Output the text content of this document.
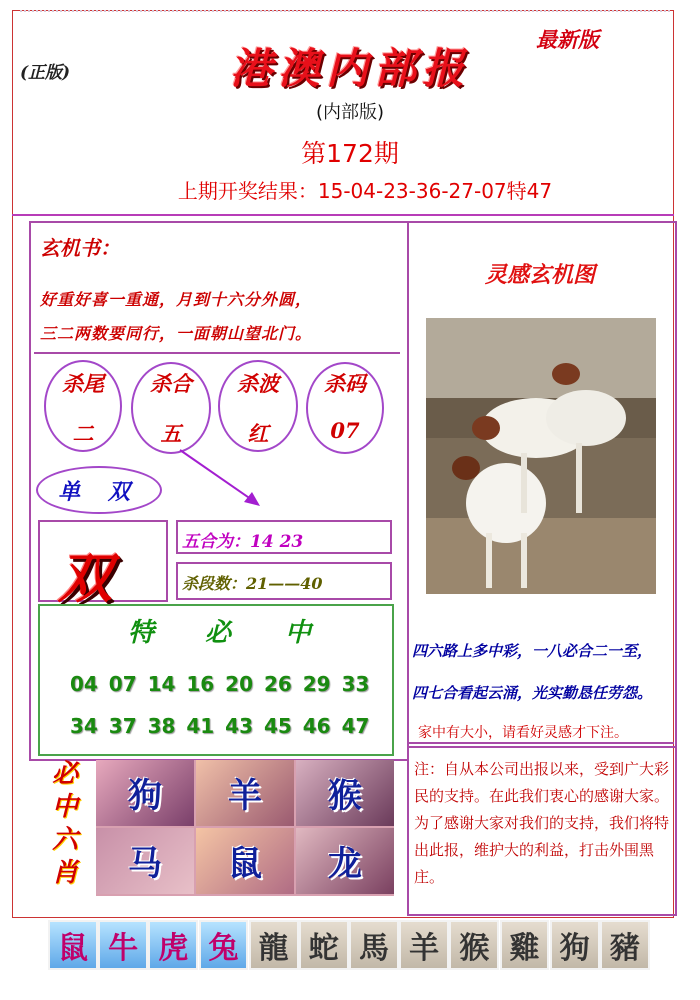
(正版)
最新版
港澳内部报
(内部版)
第172期
上期开奖结果：15-04-23-36-27-07特47
玄机书：
好重好喜一重通，月到十六分外圆，
三二两数要同行，一面朝山望北门。
杀尾
二
杀合
五
杀波
红
杀码
07
单 双
双
五合为：14 23
杀段数：21——40
特 必 中
04 07 14 16 20 26 29 33
34 37 38 41 43 45 46 47
必
中
六
肖
狗	羊	猴
马	鼠	龙
灵感玄机图
四六路上多中彩，一八必合二一至，
四七合看起云涌，光实勤恳任劳怨。
家中有大小，请看好灵感才下注。
注：自从本公司出报以来，受到广大彩民的支持。在此我们衷心的感谢大家。为了感谢大家对我们的支持，我们将特出此报，维护大的利益，打击外围黑庄。
鼠 牛 虎 兔 龍 蛇 馬 羊 猴 雞 狗 豬
